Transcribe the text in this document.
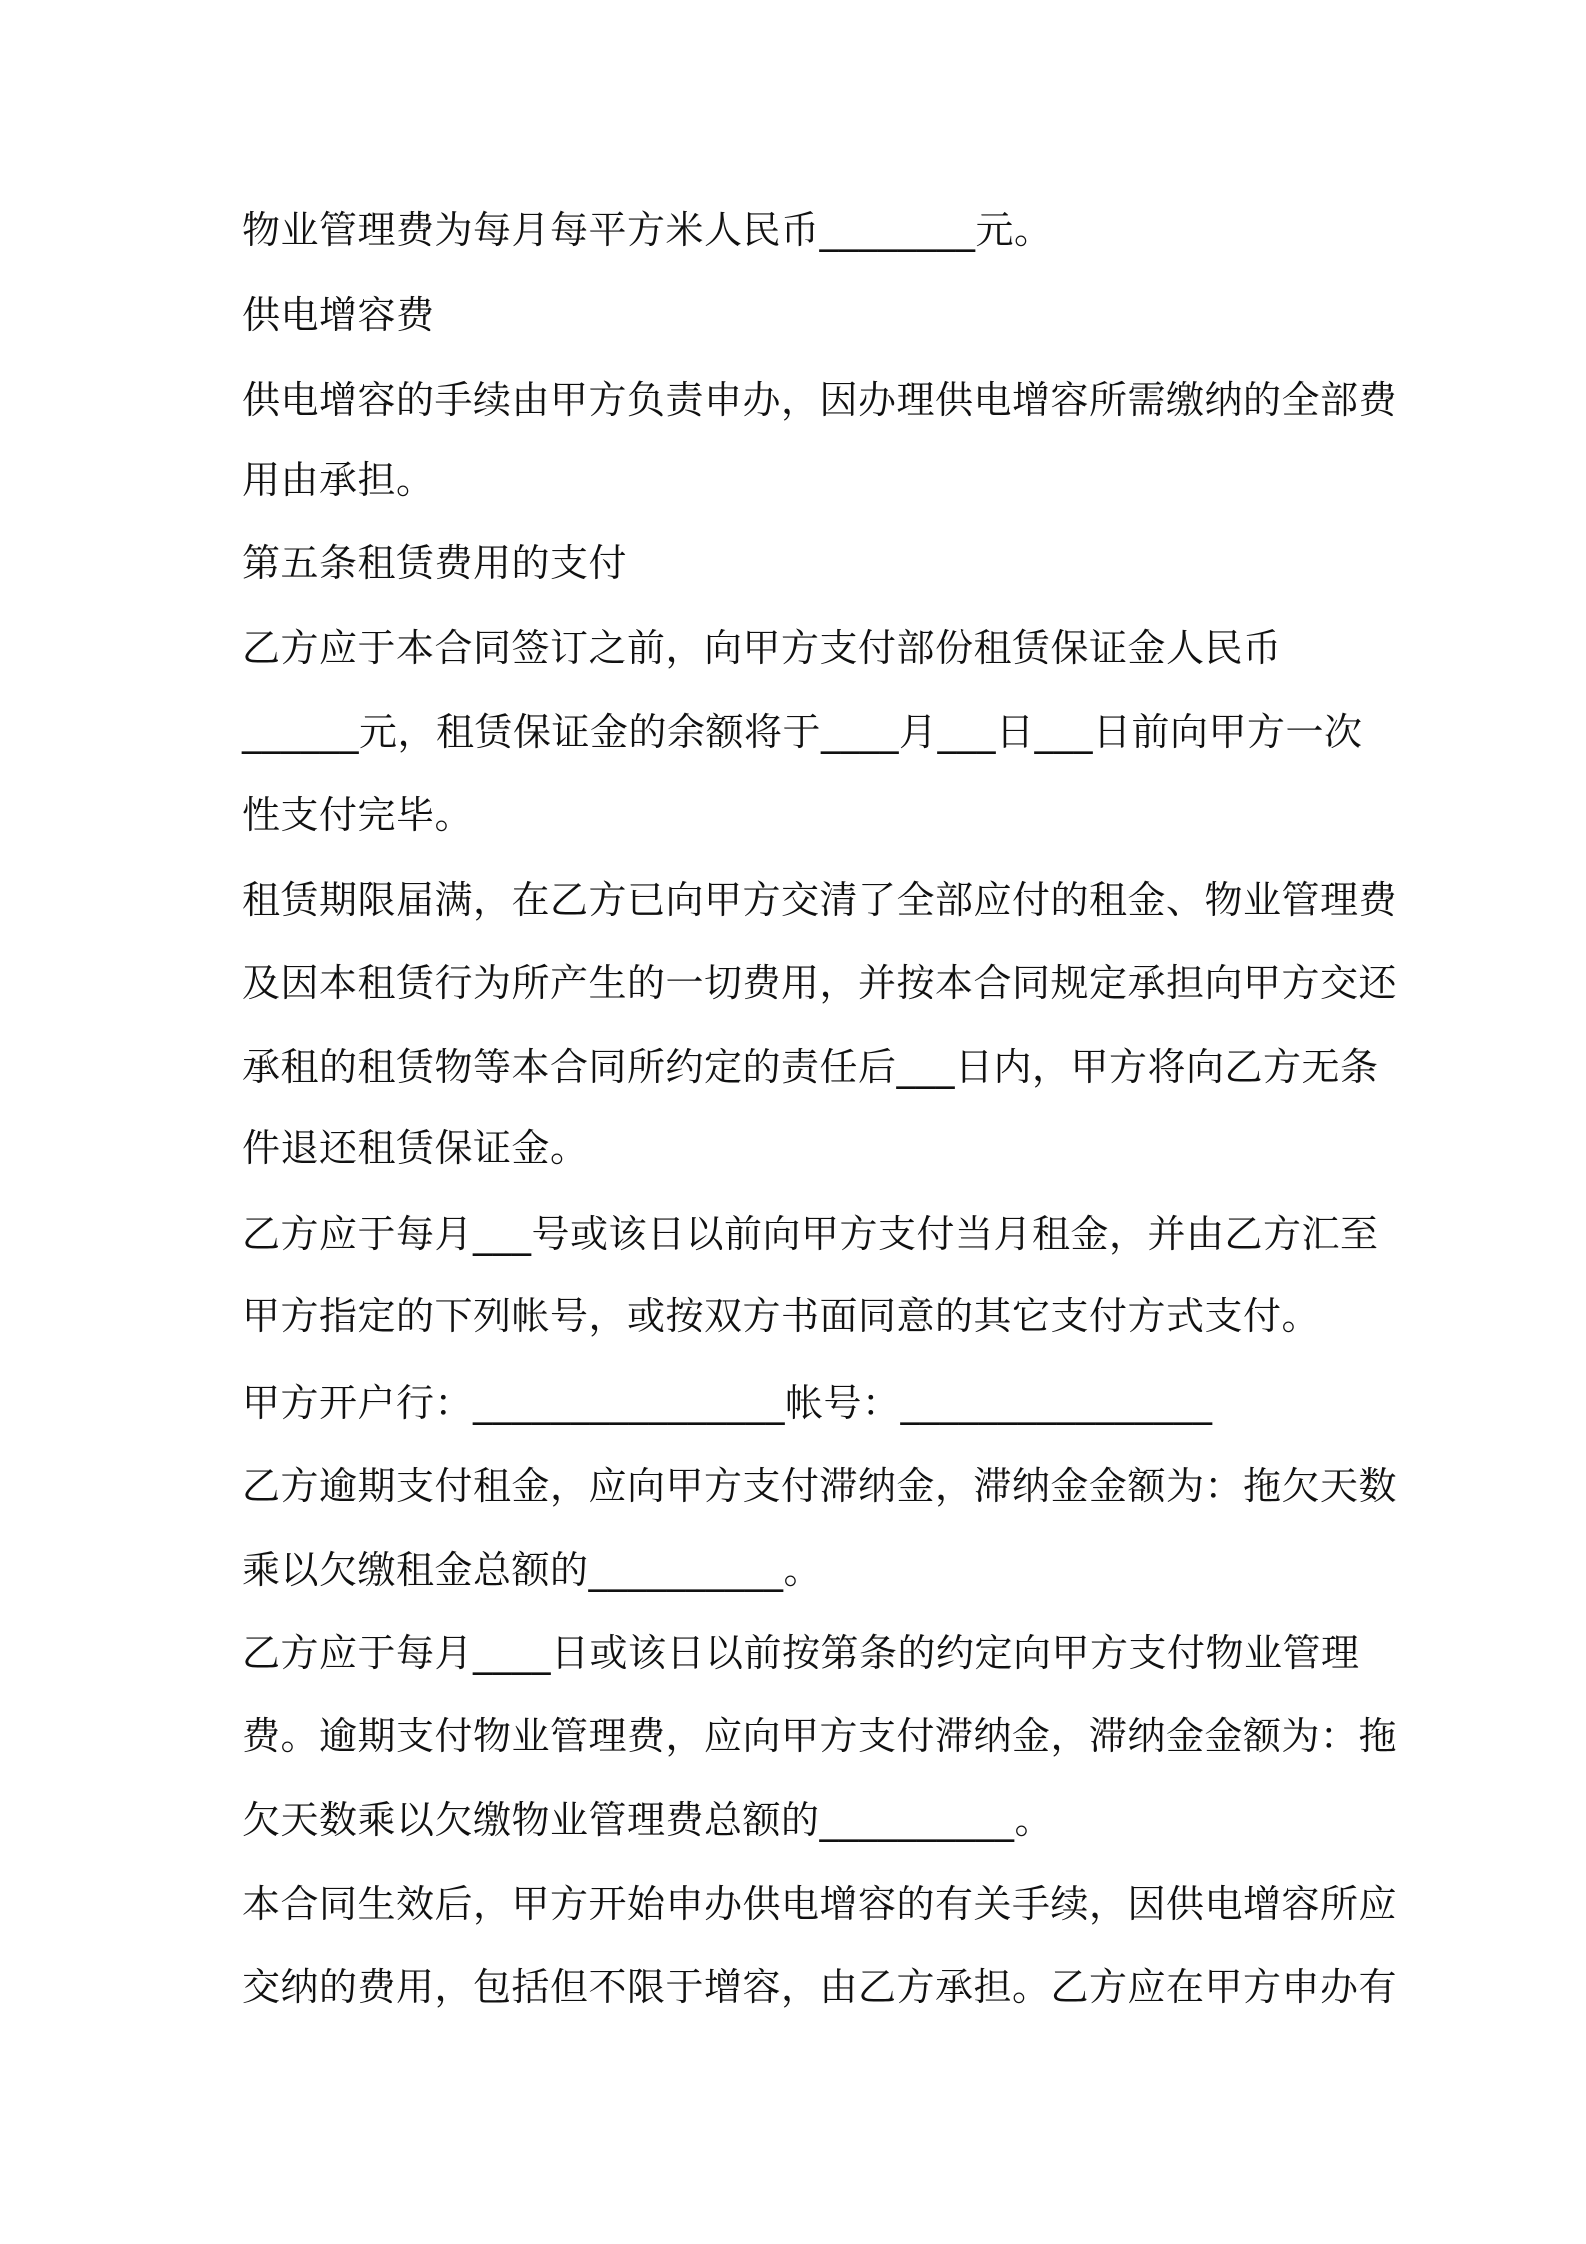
物业管理费为每月每平方米人民币________元。
供电增容费
供电增容的手续由甲方负责申办，因办理供电增容所需缴纳的全部费
用由承担。
第五条租赁费用的支付
乙方应于本合同签订之前，向甲方支付部份租赁保证金人民币
______元，租赁保证金的余额将于____月___日___日前向甲方一次
性支付完毕。
租赁期限届满，在乙方已向甲方交清了全部应付的租金、物业管理费
及因本租赁行为所产生的一切费用，并按本合同规定承担向甲方交还
承租的租赁物等本合同所约定的责任后___日内，甲方将向乙方无条
件退还租赁保证金。
乙方应于每月___号或该日以前向甲方支付当月租金，并由乙方汇至
甲方指定的下列帐号，或按双方书面同意的其它支付方式支付。
甲方开户行：________________帐号：________________
乙方逾期支付租金，应向甲方支付滞纳金，滞纳金金额为：拖欠天数
乘以欠缴租金总额的__________。
乙方应于每月____日或该日以前按第条的约定向甲方支付物业管理
费。逾期支付物业管理费，应向甲方支付滞纳金，滞纳金金额为：拖
欠天数乘以欠缴物业管理费总额的__________。
本合同生效后，甲方开始申办供电增容的有关手续，因供电增容所应
交纳的费用，包括但不限于增容，由乙方承担。乙方应在甲方申办有
